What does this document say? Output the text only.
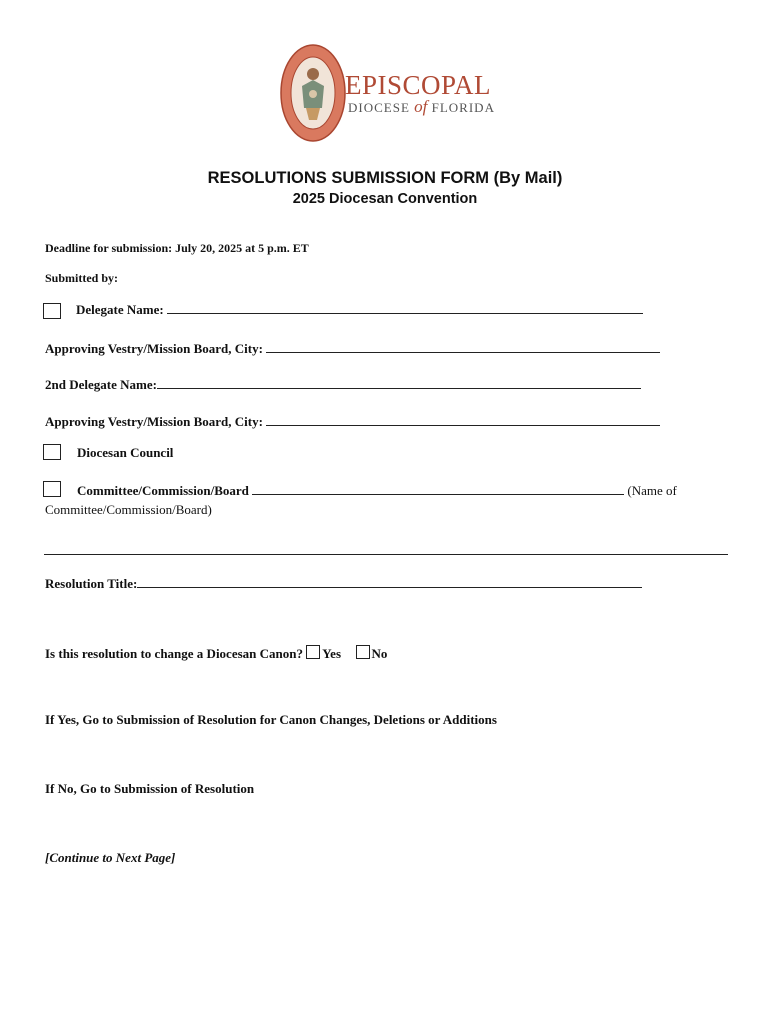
EPISCOPAL
DIOCESE of FLORIDA
RESOLUTIONS SUBMISSION FORM (By Mail)
2025 Diocesan Convention
Deadline for submission: July 20, 2025 at 5 p.m. ET
Submitted by:
Delegate Name:
Approving Vestry/Mission Board, City:
2nd Delegate Name:
Approving Vestry/Mission Board, City:
Diocesan Council
Committee/Commission/Board	(Name of
Committee/Commission/Board)
Resolution Title:
Is this resolution to change a Diocesan Canon? Yes No
If Yes, Go to Submission of Resolution for Canon Changes, Deletions or Additions
If No, Go to Submission of Resolution
[Continue to Next Page]
